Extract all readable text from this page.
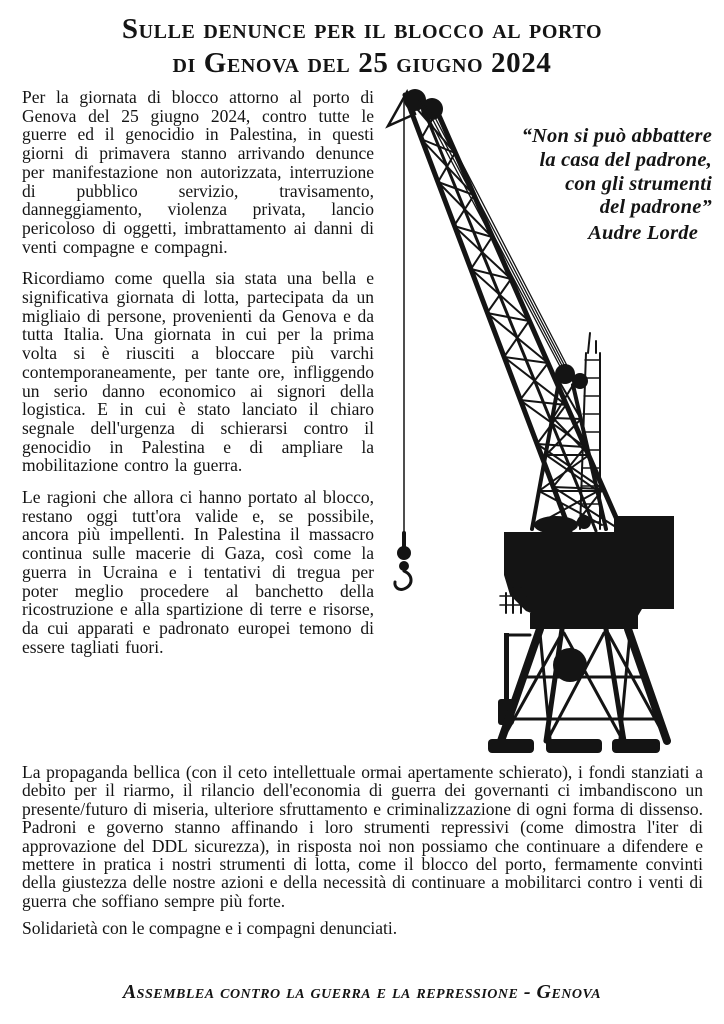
Sulle denunce per il blocco al porto
di Genova del 25 giugno 2024

Per la giornata di blocco attorno al porto di Genova del 25 giugno 2024, contro tutte le guerre ed il genocidio in Palestina, in questi giorni di primavera stanno arrivando denunce per manifestazione non autorizzata, interruzione di pubblico servizio, travisamento, danneggiamento, violenza privata, lancio pericoloso di oggetti, imbrattamento ai danni di venti compagne e compagni.

Ricordiamo come quella sia stata una bella e significativa giornata di lotta, partecipata da un migliaio di persone, provenienti da Genova e da tutta Italia. Una giornata in cui per la prima volta si è riusciti a bloccare più varchi contemporaneamente, per tante ore, infliggendo un serio danno economico ai signori della logistica. E in cui è stato lanciato il chiaro segnale dell'urgenza di schierarsi contro il genocidio in Palestina e di ampliare la mobilitazione contro la guerra.

Le ragioni che allora ci hanno portato al blocco, restano oggi tutt'ora valide e, se possibile, ancora più impellenti. In Palestina il massacro continua sulle macerie di Gaza, così come la guerra in Ucraina e i tentativi di tregua per poter meglio procedere al banchetto della ricostruzione e alla spartizione di terre e risorse, da cui apparati e padronato europei temono di essere tagliati fuori.

“Non si può abbattere
la casa del padrone,
con gli strumenti
del padrone”
Audre Lorde

La propaganda bellica (con il ceto intellettuale ormai apertamente schierato), i fondi stanziati a debito per il riarmo, il rilancio dell'economia di guerra dei governanti ci imbandiscono un presente/futuro di miseria, ulteriore sfruttamento e criminalizzazione di ogni forma di dissenso. Padroni e governo stanno affinando i loro strumenti repressivi (come dimostra l'iter di approvazione del DDL sicurezza), in risposta noi non possiamo che continuare a difendere e mettere in pratica i nostri strumenti di lotta, come il blocco del porto, fermamente convinti della giustezza delle nostre azioni e della necessità di continuare a mobilitarci contro i venti di guerra che soffiano sempre più forte.

Solidarietà con le compagne e i compagni denunciati.

Assemblea contro la guerra e la repressione - Genova
